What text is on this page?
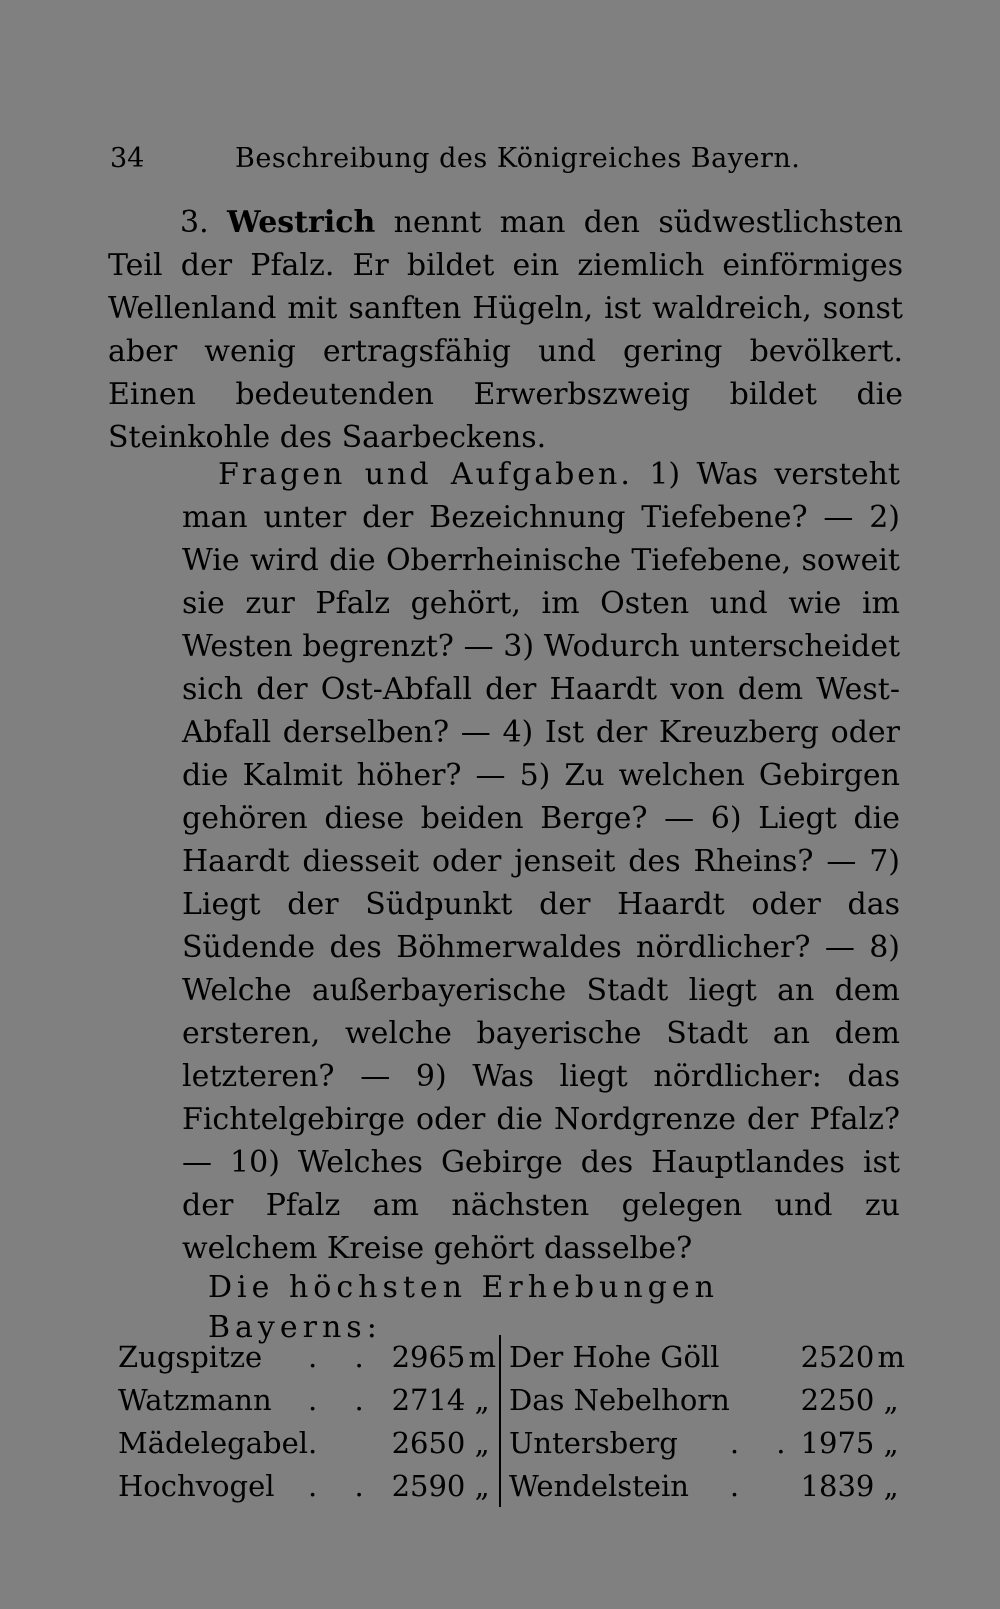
34	Beschreibung des Königreiches Bayern.
3. Westrich nennt man den südwestlichsten Teil der Pfalz. Er bildet ein ziemlich einförmiges Wellenland mit sanften Hügeln, ist waldreich, sonst aber wenig ertragsfähig und gering bevölkert. Einen bedeutenden Erwerbszweig bildet die Steinkohle des Saarbeckens.
Fragen und Aufgaben. 1) Was versteht man unter der Bezeichnung Tiefebene? — 2) Wie wird die Oberrheinische Tiefebene, soweit sie zur Pfalz gehört, im Osten und wie im Westen begrenzt? — 3) Wodurch unterscheidet sich der Ost-Abfall der Haardt von dem West-Abfall derselben? — 4) Ist der Kreuzberg oder die Kalmit höher? — 5) Zu welchen Gebirgen gehören diese beiden Berge? — 6) Liegt die Haardt diesseit oder jenseit des Rheins? — 7) Liegt der Südpunkt der Haardt oder das Südende des Böhmerwaldes nördlicher? — 8) Welche außerbayerische Stadt liegt an dem ersteren, welche bayerische Stadt an dem letzteren? — 9) Was liegt nördlicher: das Fichtelgebirge oder die Nordgrenze der Pfalz? — 10) Welches Gebirge des Hauptlandes ist der Pfalz am nächsten gelegen und zu welchem Kreise gehört dasselbe?
Die höchsten Erhebungen Bayerns:
Zugspitze	. .	2965	m	Der Hohe Göll		2520	m
Watzmann	. .	2714	„	Das Nebelhorn		2250	„
Mädelegabel	.	2650	„	Untersberg	. .	1975	„
Hochvogel	. .	2590	„	Wendelstein	.	1839	„
